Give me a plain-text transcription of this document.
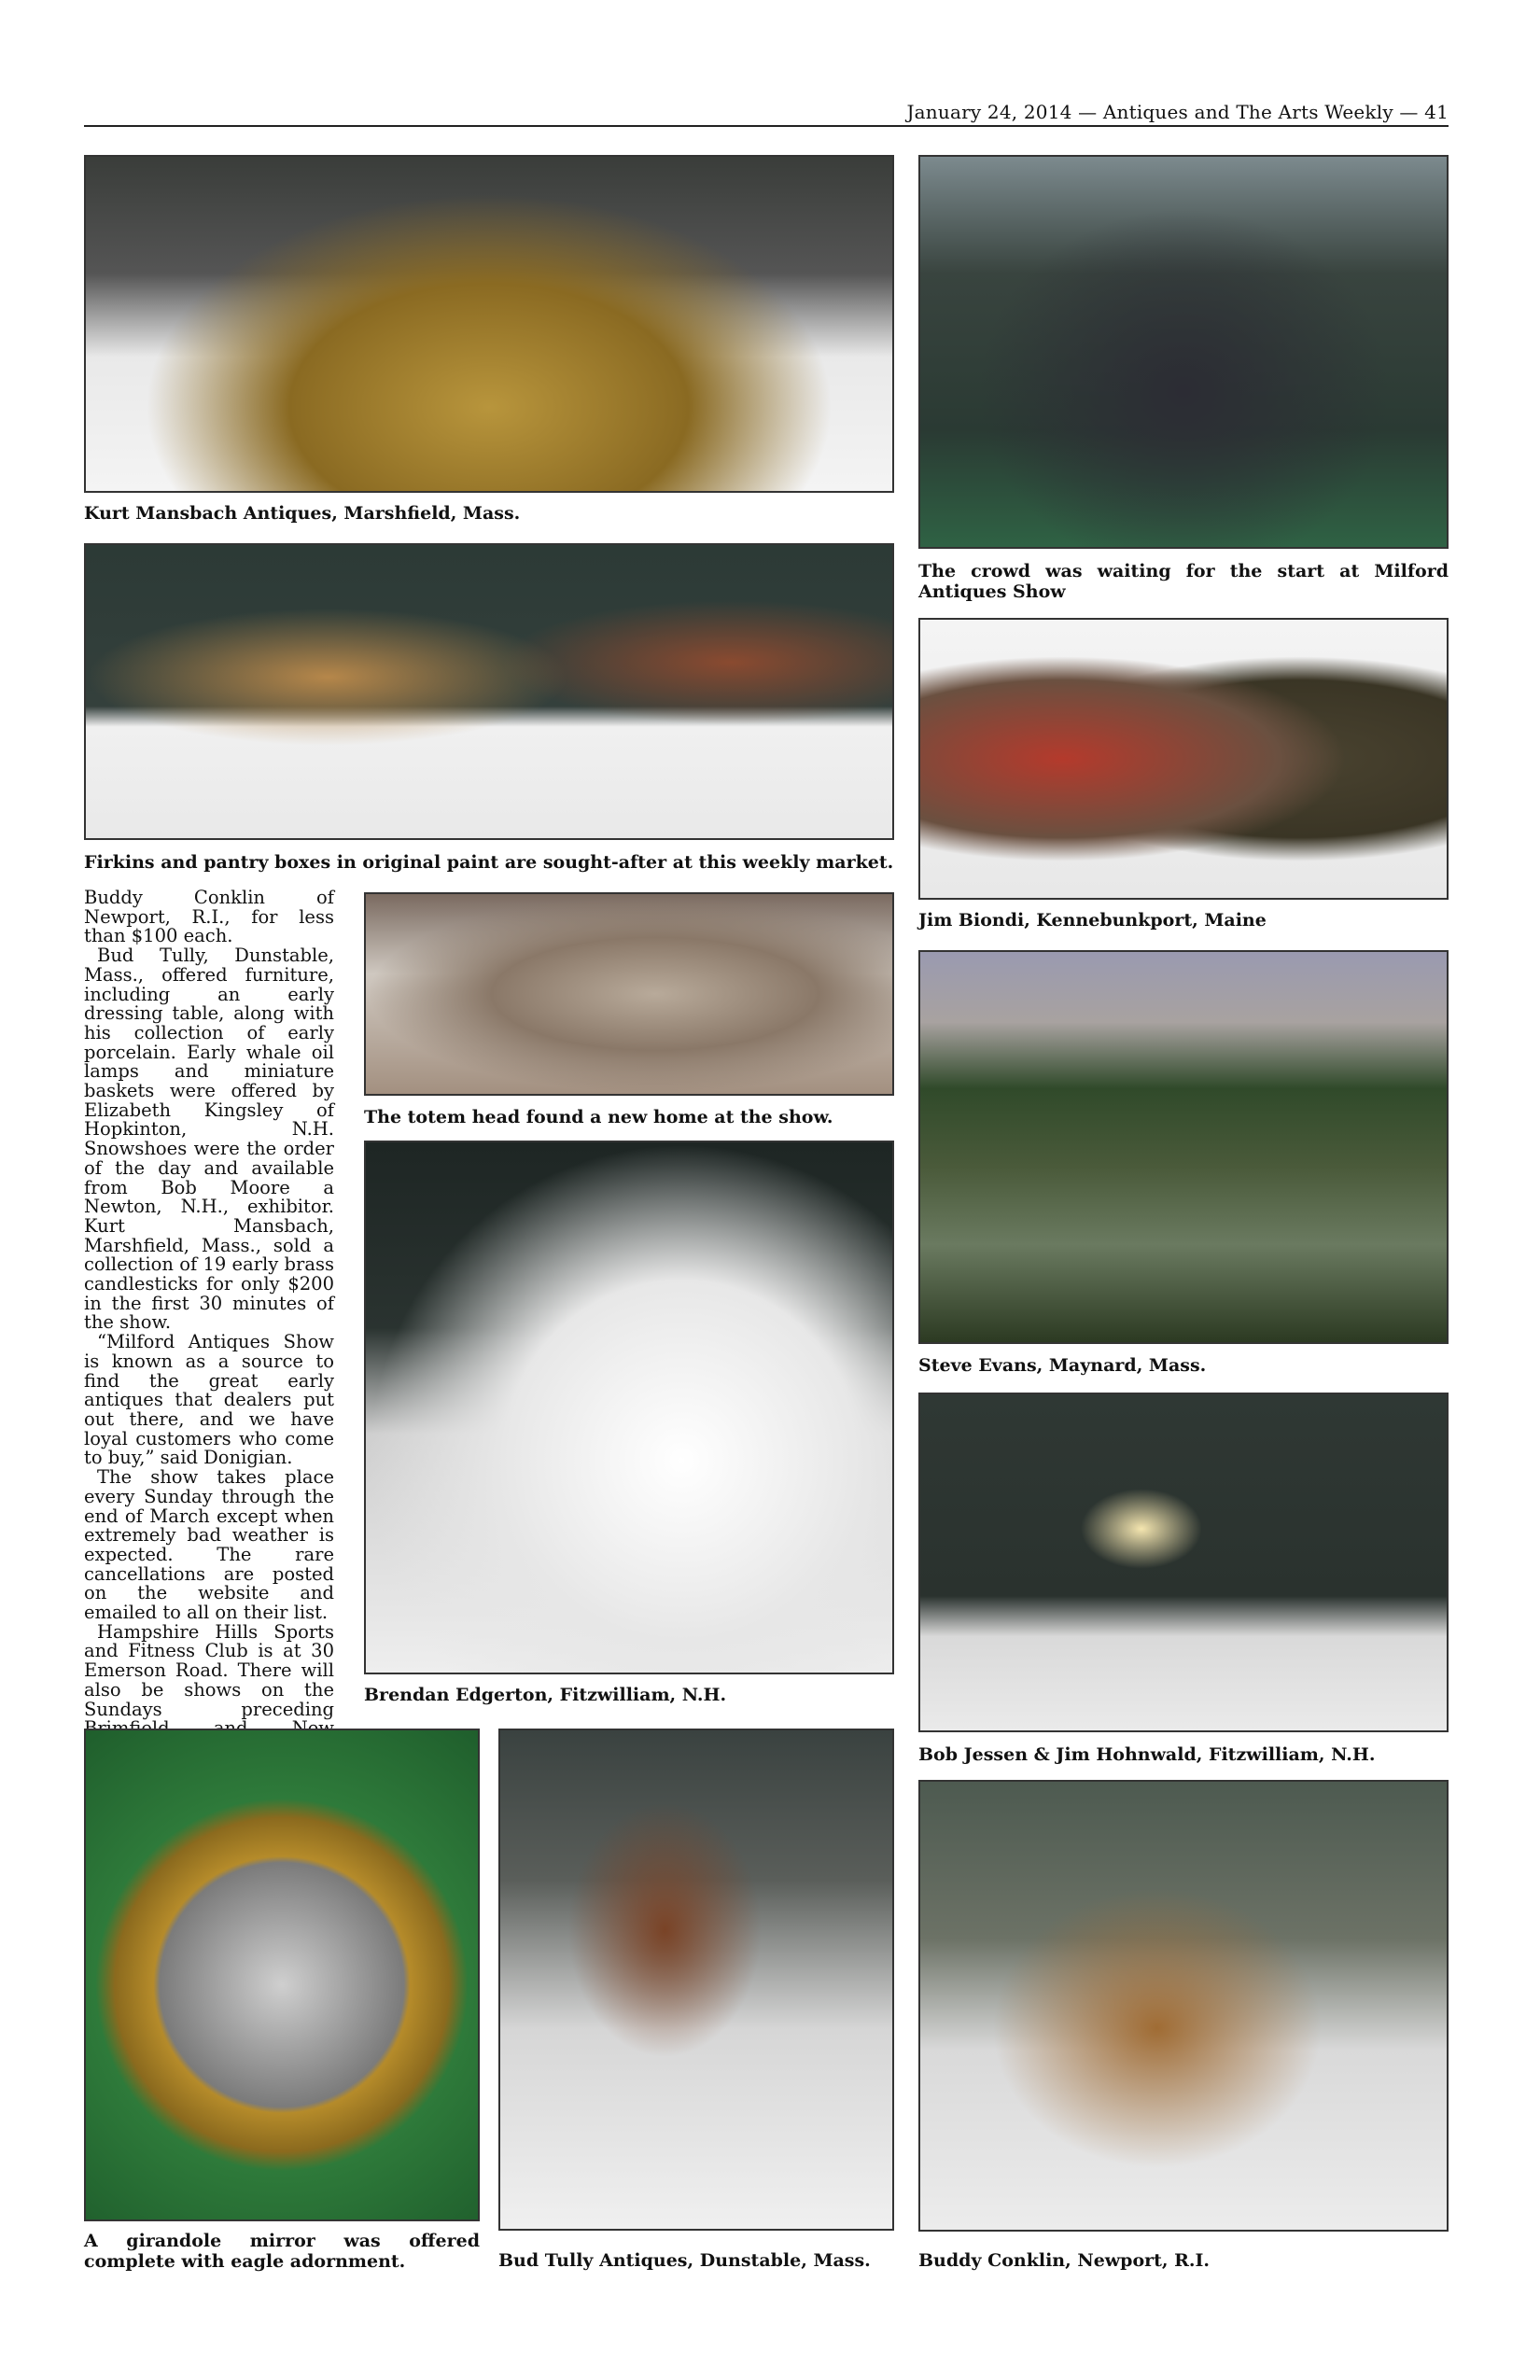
January 24, 2014 — Antiques and The Arts Weekly — 41
Kurt Mansbach Antiques, Marshfield, Mass.
The crowd was waiting for the start at Milford Antiques Show
Firkins and pantry boxes in original paint are sought-after at this weekly market.
Jim Biondi, Kennebunkport, Maine

Buddy Conklin of Newport, R.I., for less than $100 each.

Bud Tully, Dunstable, Mass., offered furniture, including an early dressing table, along with his collection of early porcelain. Early whale oil lamps and miniature baskets were offered by Elizabeth Kingsley of Hopkinton, N.H. Snowshoes were the order of the day and available from Bob Moore a Newton, N.H., exhibitor. Kurt Mansbach, Marshfield, Mass., sold a collection of 19 early brass candlesticks for only $200 in the first 30 minutes of the show.

“Milford Antiques Show is known as a source to find the great early antiques that dealers put out there, and we have loyal customers who come to buy,” said Donigian.

The show takes place every Sunday through the end of March except when extremely bad weather is expected. The rare cancellations are posted on the website and emailed to all on their list.

Hampshire Hills Sports and Fitness Club is at 30 Emerson Road. There will also be shows on the Sundays preceding

The totem head found a new home at the show.
Steve Evans, Maynard, Mass.
Brendan Edgerton, Fitzwilliam, N.H.
Bob Jessen & Jim Hohnwald, Fitzwilliam, N.H.
A girandole mirror was offered complete with eagle adornment.	Bud Tully Antiques, Dunstable, Mass.	Buddy Conklin, Newport, R.I.
